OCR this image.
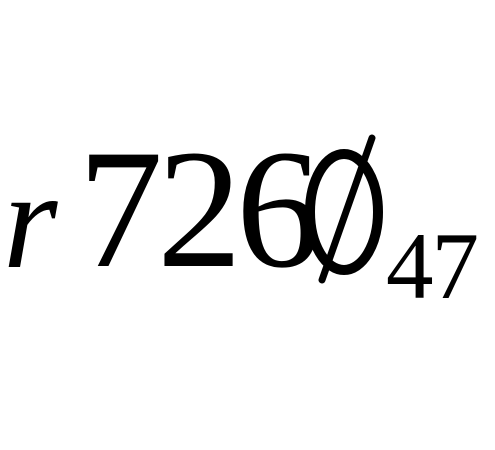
r 726 47
